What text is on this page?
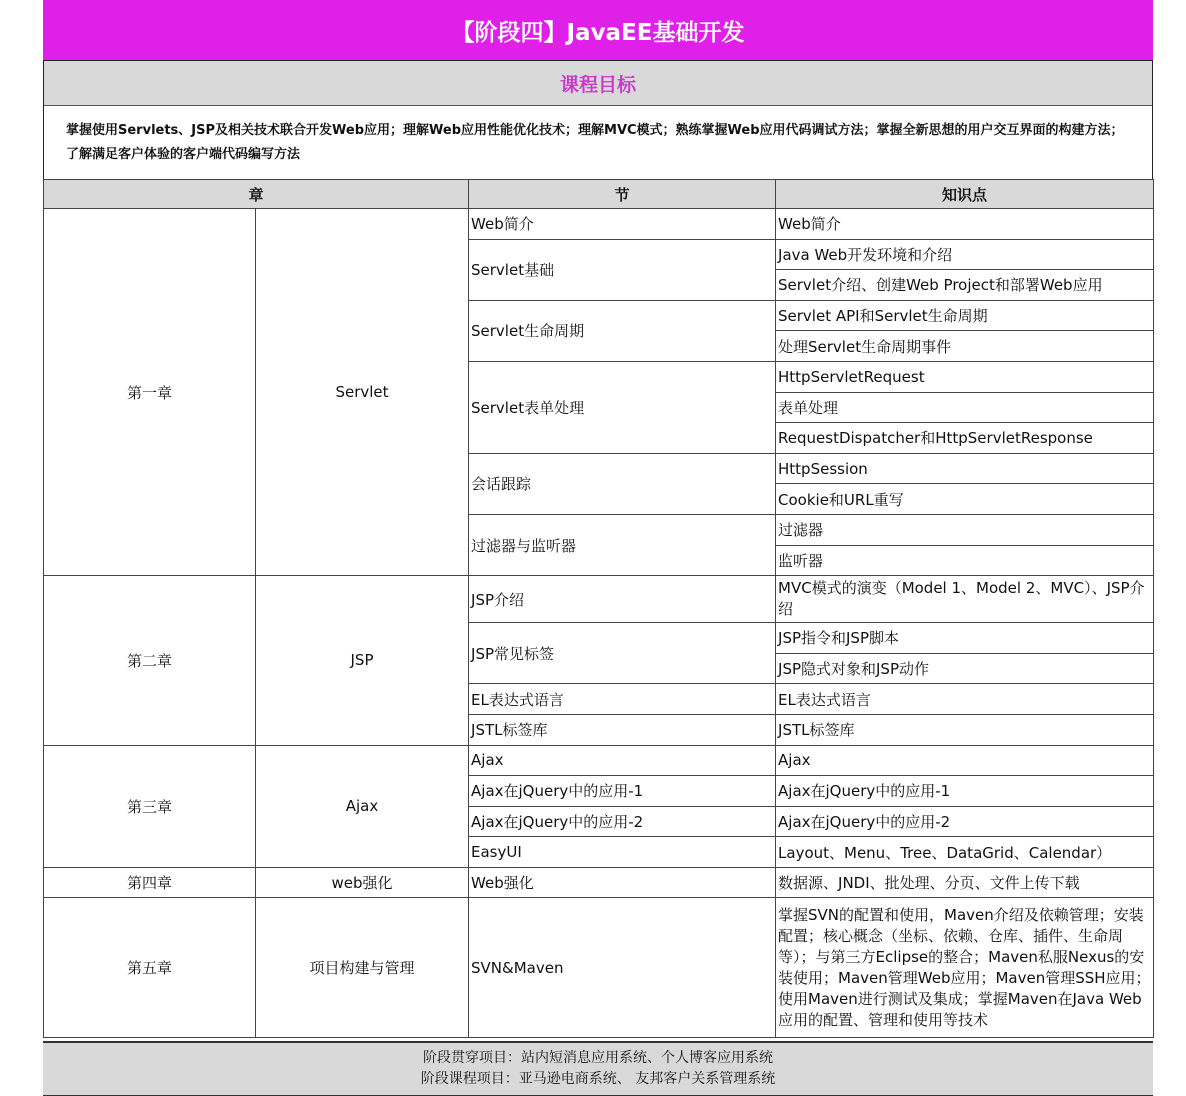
【阶段四】JavaEE基础开发
课程目标
掌握使用Servlets、JSP及相关技术联合开发Web应用；理解Web应用性能优化技术；理解MVC模式；熟练掌握Web应用代码调试方法；掌握全新思想的用户交互界面的构建方法；了解满足客户体验的客户端代码编写方法
章		节	知识点
第一章	Servlet	Web简介	Web简介
		Servlet基础	Java Web开发环境和介绍
			Servlet介绍、创建Web Project和部署Web应用
		Servlet生命周期	Servlet API和Servlet生命周期
			处理Servlet生命周期事件
		Servlet表单处理	HttpServletRequest
			表单处理
			RequestDispatcher和HttpServletResponse
		会话跟踪	HttpSession
			Cookie和URL重写
		过滤器与监听器	过滤器
			监听器
第二章	JSP	JSP介绍	MVC模式的演变（Model 1、Model 2、MVC）、JSP介绍
		JSP常见标签	JSP指令和JSP脚本
			JSP隐式对象和JSP动作
		EL表达式语言	EL表达式语言
		JSTL标签库	JSTL标签库
第三章	Ajax	Ajax	Ajax
		Ajax在jQuery中的应用-1	Ajax在jQuery中的应用-1
		Ajax在jQuery中的应用-2	Ajax在jQuery中的应用-2
		EasyUI	Layout、Menu、Tree、DataGrid、Calendar）
第四章	web强化	Web强化	数据源、JNDI、批处理、分页、文件上传下载
第五章	项目构建与管理	SVN&Maven	掌握SVN的配置和使用，Maven介绍及依赖管理；安装配置；核心概念（坐标、依赖、仓库、插件、生命周等）；与第三方Eclipse的整合；Maven私服Nexus的安装使用；Maven管理Web应用；Maven管理SSH应用；使用Maven进行测试及集成；掌握Maven在Java Web应用的配置、管理和使用等技术
阶段贯穿项目：站内短消息应用系统、个人博客应用系统
阶段课程项目：亚马逊电商系统、 友邦客户关系管理系统
